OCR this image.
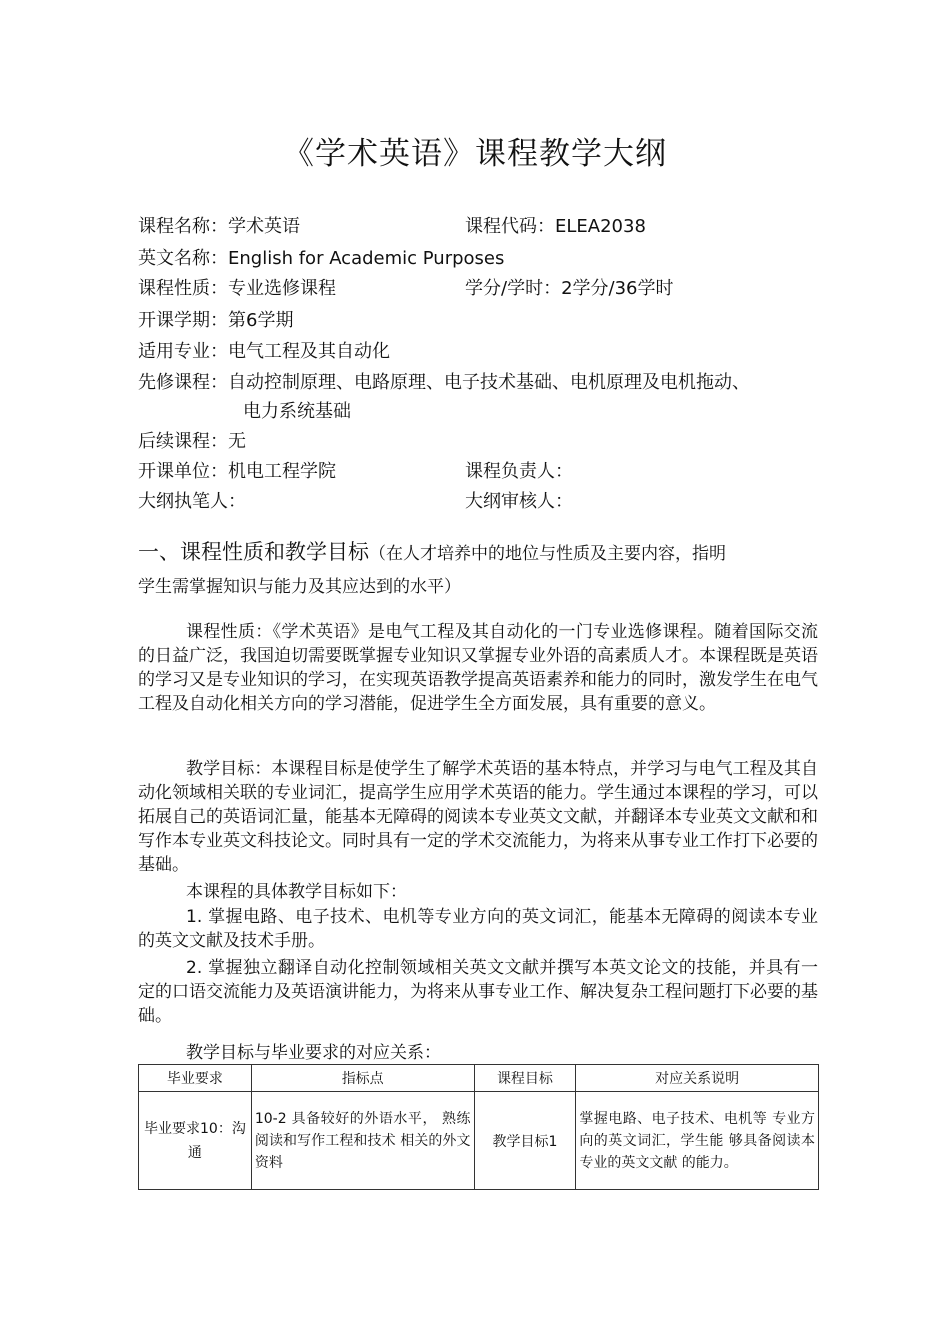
《学术英语》课程教学大纲
课程名称：学术英语	课程代码：ELEA2038
英文名称：English for Academic Purposes
课程性质：专业选修课程	学分/学时：2学分/36学时
开课学期：第6学期
适用专业：电气工程及其自动化
先修课程：自动控制原理、电路原理、电子技术基础、电机原理及电机拖动、
电力系统基础
后续课程：无
开课单位：机电工程学院	课程负责人：
大纲执笔人：	大纲审核人：
一、课程性质和教学目标（在人才培养中的地位与性质及主要内容，指明
学生需掌握知识与能力及其应达到的水平）

课程性质：《学术英语》是电气工程及其自动化的一门专业选修课程。随着国际交流的日益广泛，我国迫切需要既掌握专业知识又掌握专业外语的高素质人才。本课程既是英语的学习又是专业知识的学习，在实现英语教学提高英语素养和能力的同时，激发学生在电气工程及自动化相关方向的学习潜能，促进学生全方面发展，具有重要的意义。

教学目标：本课程目标是使学生了解学术英语的基本特点，并学习与电气工程及其自动化领域相关联的专业词汇，提高学生应用学术英语的能力。学生通过本课程的学习，可以拓展自己的英语词汇量，能基本无障碍的阅读本专业英文文献，并翻译本专业英文文献和和写作本专业英文科技论文。同时具有一定的学术交流能力，为将来从事专业工作打下必要的基础。

本课程的具体教学目标如下：

1. 掌握电路、电子技术、电机等专业方向的英文词汇，能基本无障碍的阅读本专业的英文文献及技术手册。

2. 掌握独立翻译自动化控制领域相关英文文献并撰写本英文论文的技能，并具有一定的口语交流能力及英语演讲能力，为将来从事专业工作、解决复杂工程问题打下必要的基础。

教学目标与毕业要求的对应关系：
毕业要求	指标点	课程目标	对应关系说明
毕业要求10：沟通	10-2 具备较好的外语水平， 熟练阅读和写作工程和技术 相关的外文资料	教学目标1	掌握电路、电子技术、电机等 专业方向的英文词汇，学生能 够具备阅读本专业的英文文献 的能力。
